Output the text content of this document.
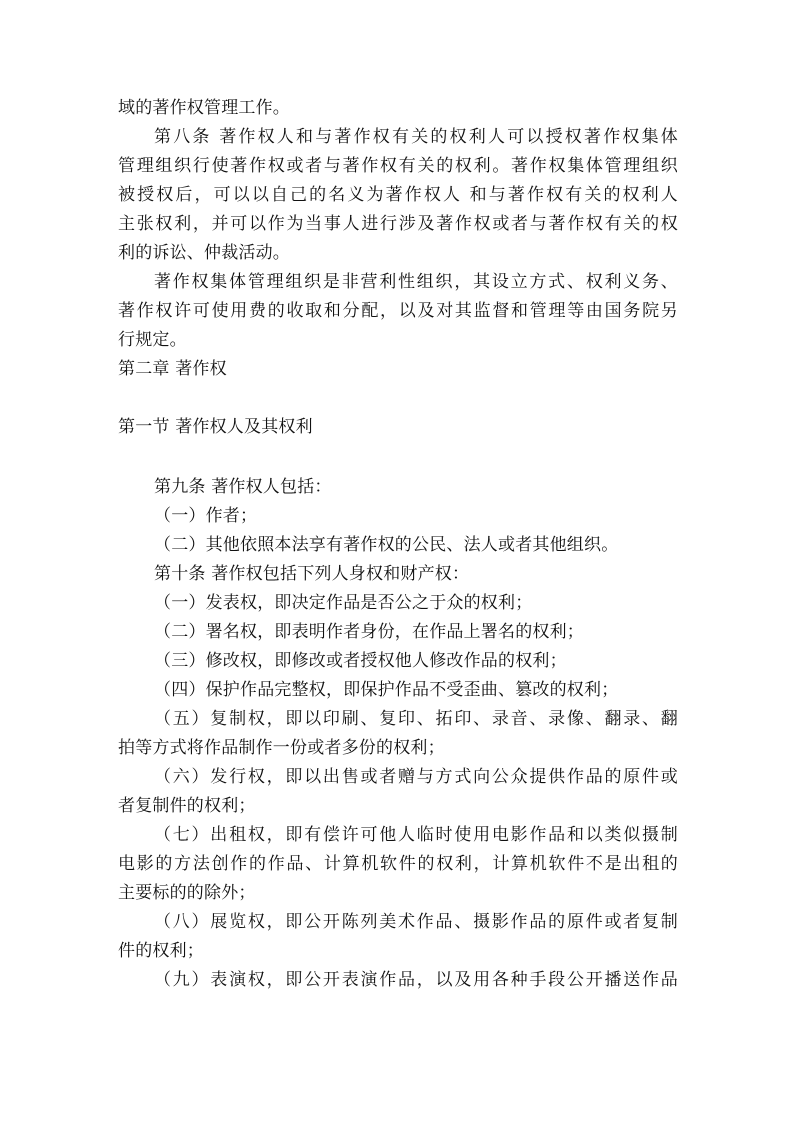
域的著作权管理工作。
第八条 著作权人和与著作权有关的权利人可以授权著作权集体
管理组织行使著作权或者与著作权有关的权利。著作权集体管理组织
被授权后，可以以自己的名义为著作权人 和与著作权有关的权利人
主张权利，并可以作为当事人进行涉及著作权或者与著作权有关的权
利的诉讼、仲裁活动。
著作权集体管理组织是非营利性组织，其设立方式、权利义务、
著作权许可使用费的收取和分配，以及对其监督和管理等由国务院另
行规定。
第二章 著作权
第一节 著作权人及其权利
第九条 著作权人包括：
（一）作者；
（二）其他依照本法享有著作权的公民、法人或者其他组织。
第十条 著作权包括下列人身权和财产权：
（一）发表权，即决定作品是否公之于众的权利；
（二）署名权，即表明作者身份，在作品上署名的权利；
（三）修改权，即修改或者授权他人修改作品的权利；
（四）保护作品完整权，即保护作品不受歪曲、篡改的权利；
（五）复制权，即以印刷、复印、拓印、录音、录像、翻录、翻
拍等方式将作品制作一份或者多份的权利；
（六）发行权，即以出售或者赠与方式向公众提供作品的原件或
者复制件的权利；
（七）出租权，即有偿许可他人临时使用电影作品和以类似摄制
电影的方法创作的作品、计算机软件的权利，计算机软件不是出租的
主要标的的除外；
（八）展览权，即公开陈列美术作品、摄影作品的原件或者复制
件的权利；
（九）表演权，即公开表演作品，以及用各种手段公开播送作品
